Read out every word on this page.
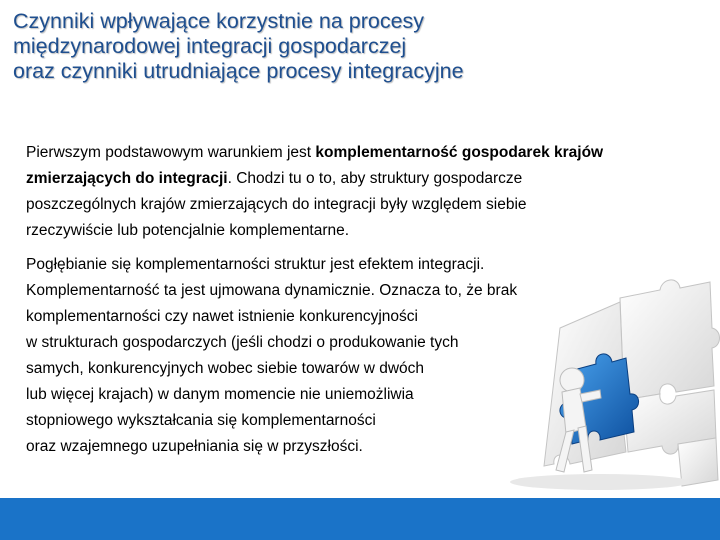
Czynniki wpływające korzystnie na procesy
międzynarodowej integracji gospodarczej
oraz czynniki utrudniające procesy integracyjne
Pierwszym podstawowym warunkiem jest komplementarność gospodarek krajów
zmierzających do integracji. Chodzi tu o to, aby struktury gospodarcze
poszczególnych krajów zmierzających do integracji były względem siebie
rzeczywiście lub potencjalnie komplementarne.
Pogłębianie się komplementarności struktur jest efektem integracji.
Komplementarność ta jest ujmowana dynamicznie. Oznacza to, że brak
komplementarności czy nawet istnienie konkurencyjności
w strukturach gospodarczych (jeśli chodzi o produkowanie tych
samych, konkurencyjnych wobec siebie towarów w dwóch
lub więcej krajach) w danym momencie nie uniemożliwia
stopniowego wykształcania się komplementarności
oraz wzajemnego uzupełniania się w przyszłości.
